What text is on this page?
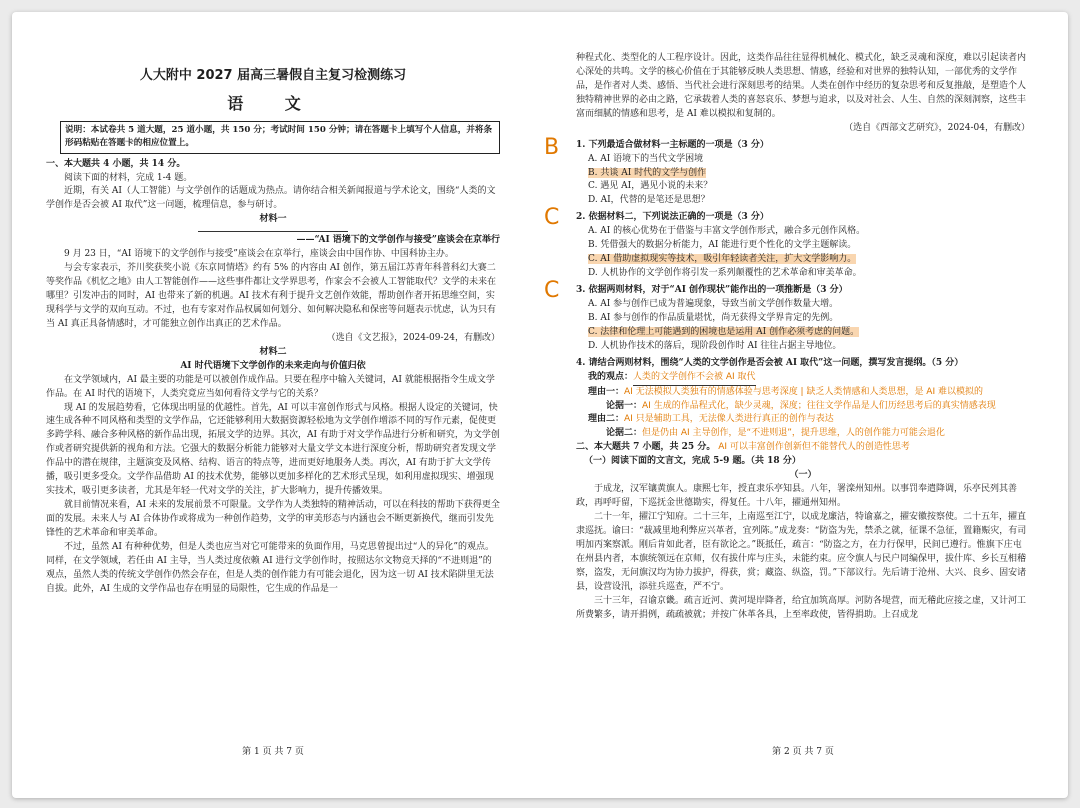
人大附中 2027 届高三暑假自主复习检测练习
语 文
说明：本试卷共 5 道大题，25 道小题，共 150 分；考试时间 150 分钟；请在答题卡上填写个人信息，并将条形码粘贴在答题卡的相应位置上。

一、本大题共 4 小题，共 14 分。

阅读下面的材料，完成 1-4 题。

近期，有关 AI（人工智能）与文学创作的话题成为热点。请你结合相关新闻报道与学术论文，围绕“人类的文学创作是否会被 AI 取代”这一问题，梳理信息，参与研讨。

材料一

——“AI 语境下的文学创作与接受”座谈会在京举行

9 月 23 日，“AI 语境下的文学创作与接受”座谈会在京举行，座谈会由中国作协、中国科协主办。

与会专家表示，芥川奖获奖小说《东京同情塔》约有 5% 的内容由 AI 创作，第五届江苏青年科普科幻大赛二等奖作品《机忆之地》由人工智能创作——这些事件都让文学界思考，作家会不会被人工智能取代？文学的未来在哪里？引发冲击的同时，AI 也带来了新的机遇。AI 技术有利于提升文艺创作效能，帮助创作者开拓思维空间，实现科学与文学的双向互动。不过，也有专家对作品权属如何划分、如何解决隐私和保密等问题表示忧虑，认为只有当 AI 真正具备情感时，才可能独立创作出真正的艺术作品。

（选自《文艺报》，2024-09-24，有删改）

材料二

AI 时代语境下文学创作的未来走向与价值归依

在文学领域内，AI 最主要的功能是可以被创作成作品。只要在程序中输入关键词，AI 就能根据指令生成文学作品。在 AI 时代的语境下，人类究竟应当如何看待文学与它的关系？

现 AI 的发展趋势看，它体现出明显的优越性。首先，AI 可以丰富创作形式与风格。根据人设定的关键词，快速生成各种不同风格和类型的文学作品，它还能够利用大数据资源轻松地为文学创作增添不同的写作元素，促使更多跨学科、融合多种风格的新作品出现，拓展文学的边界。其次，AI 有助于对文学作品进行分析和研究，为文学创作或者研究提供新的视角和方法。它强大的数据分析能力能够对大量文学文本进行深度分析，帮助研究者发现文学作品中的潜在规律，主题演变及风格、结构、语言的特点等，进而更好地服务人类。再次，AI 有助于扩大文学传播，吸引更多受众。文学作品借助 AI 的技术优势，能够以更加多样化的艺术形式呈现，如利用虚拟现实、增强现实技术，吸引更多读者，尤其是年轻一代对文学的关注，扩大影响力，提升传播效果。

就目前情况来看，AI 未来的发展前景不可限量。文学作为人类独特的精神活动，可以在科技的帮助下获得更全面的发展。未来人与 AI 合体协作或将成为一种创作趋势，文学的审美形态与内涵也会不断更新换代，继而引发先锋性的艺术革命和审美革命。

不过，虽然 AI 有种种优势，但是人类也应当对它可能带来的负面作用，马克思曾提出过“人的异化”的观点。同样，在文学领域，若任由 AI 主导，当人类过度依赖 AI 进行文学创作时，按照达尔文物竞天择的“不进则退”的观点，虽然人类的传统文学创作仍然会存在，但是人类的创作能力有可能会退化，因为这一切 AI 技术陷阱里无法自拔。此外，AI 生成的文学作品也存在明显的局限性，它生成的作品是一

第 1 页 共 7 页

种程式化、类型化的人工程序设计。因此，这类作品往往显得机械化、模式化，缺乏灵魂和深度，难以引起读者内心深处的共鸣。文学的核心价值在于其能够反映人类思想、情感，经验和对世界的独特认知，一部优秀的文学作品，是作者对人类、感悟、当代社会进行深刻思考的结果。人类在创作中经历的复杂思考和反复推敲，是塑造个人独特精神世界的必由之路，它承载着人类的喜怒哀乐、梦想与追求，以及对社会、人生、自然的深刻洞察，这些丰富而细腻的情感和思考，是 AI 难以模拟和复制的。

（选自《西部文艺研究》，2024-04，有删改）

B 1. 下列最适合做材料一主标题的一项是（3 分）

A. AI 语境下的当代文学困境

B. 共谈 AI 时代的文学与创作

C. 遇见 AI，遇见小说的未来？

D. AI，代替的是笔还是思想？

C 2. 依据材料二，下列说法正确的一项是（3 分）

A. AI 的核心优势在于借鉴与丰富文学创作形式，融合多元创作风格。

B. 凭借强大的数据分析能力，AI 能进行更个性化的文学主题解读。

C. AI 借助虚拟现实等技术，吸引年轻读者关注，扩大文学影响力。

D. 人机协作的文学创作将引发一系列颠覆性的艺术革命和审美革命。

C 3. 依据两则材料，对于“AI 创作现状”能作出的一项推断是（3 分）

A. AI 参与创作已成为普遍现象，导致当前文学创作数量大增。

B. AI 参与创作的作品质量堪忧，尚无获得文学界肯定的先例。

C. 法律和伦理上可能遇到的困境也是运用 AI 创作必须考虑的问题。

D. 人机协作技术的落后，现阶段创作时 AI 往往占据主导地位。

4. 请结合两则材料，围绕“人类的文学创作是否会被 AI 取代”这一问题，撰写发言提纲。（5 分）

我的观点：人类的文学创作不会被 AI 取代

理由一：AI 无法模拟人类独有的情感体验与思考深度 | 缺乏人类情感和人类思想，是 AI 难以模拟的

论据一：AI 生成的作品程式化，缺少灵魂，深度；往往文学作品是人们历经思考后的真实情感表现

理由二：AI 只是辅助工具，无法像人类进行真正的创作与表达

论据二：但是仍由 AI 主导创作，是“不进则退”，提升思维，人的创作能力可能会退化

二、本大题共 7 小题，共 25 分。 AI 可以丰富创作创新但不能替代人的创造性思考

（一）阅读下面的文言文，完成 5-9 题。（共 18 分）

（一）

于成龙，汉军镶黄旗人。康熙七年，授直隶乐亭知县。八年，署滦州知州。以事罚奉遣降调，乐亭民列其善政，再呼吁留，下巡抚金世德勘实，得复任。十八年，擢通州知州。

二十一年，擢江宁知府。二十三年，上南巡至江宁，以成龙廉洁，特谕嘉之，擢安徽按察使。二十五年，擢直隶巡抚。谕曰：“裁减里地利弊应兴革者，宜列陈。”成龙奏：“防盗为先，禁杀之就，征课不急征，置籍赈灾，有司明加丙案察派。刚后肯如此者，臣有欲论之。”既抵任，疏言：“防盗之方，在力行保甲，民间已遵行。惟旗下庄屯在州县内者，本旗统领远在京师，仅有拔什库与庄头，未能约束。应令旗人与民户同编保甲，拔什库、乡长互相稽察，盗发，无问旗汉均为协力拔护，得获，赏；藏盗、纵盗，罚。”下部议行。先后请于沧州、大兴、良乡、固安诸县，设营设汛，添驻兵巡查，严不宁。

三十三年，召谕京畿。疏言近河、黄河堤岸降者，给宜加筑高厚。河防各堤营，而无稽此应接之虚，又计河工所费繁多，请开捐例，疏疏被就；并按广休革各具，上至率政使，皆得捐助。上召成龙

第 2 页 共 7 页
